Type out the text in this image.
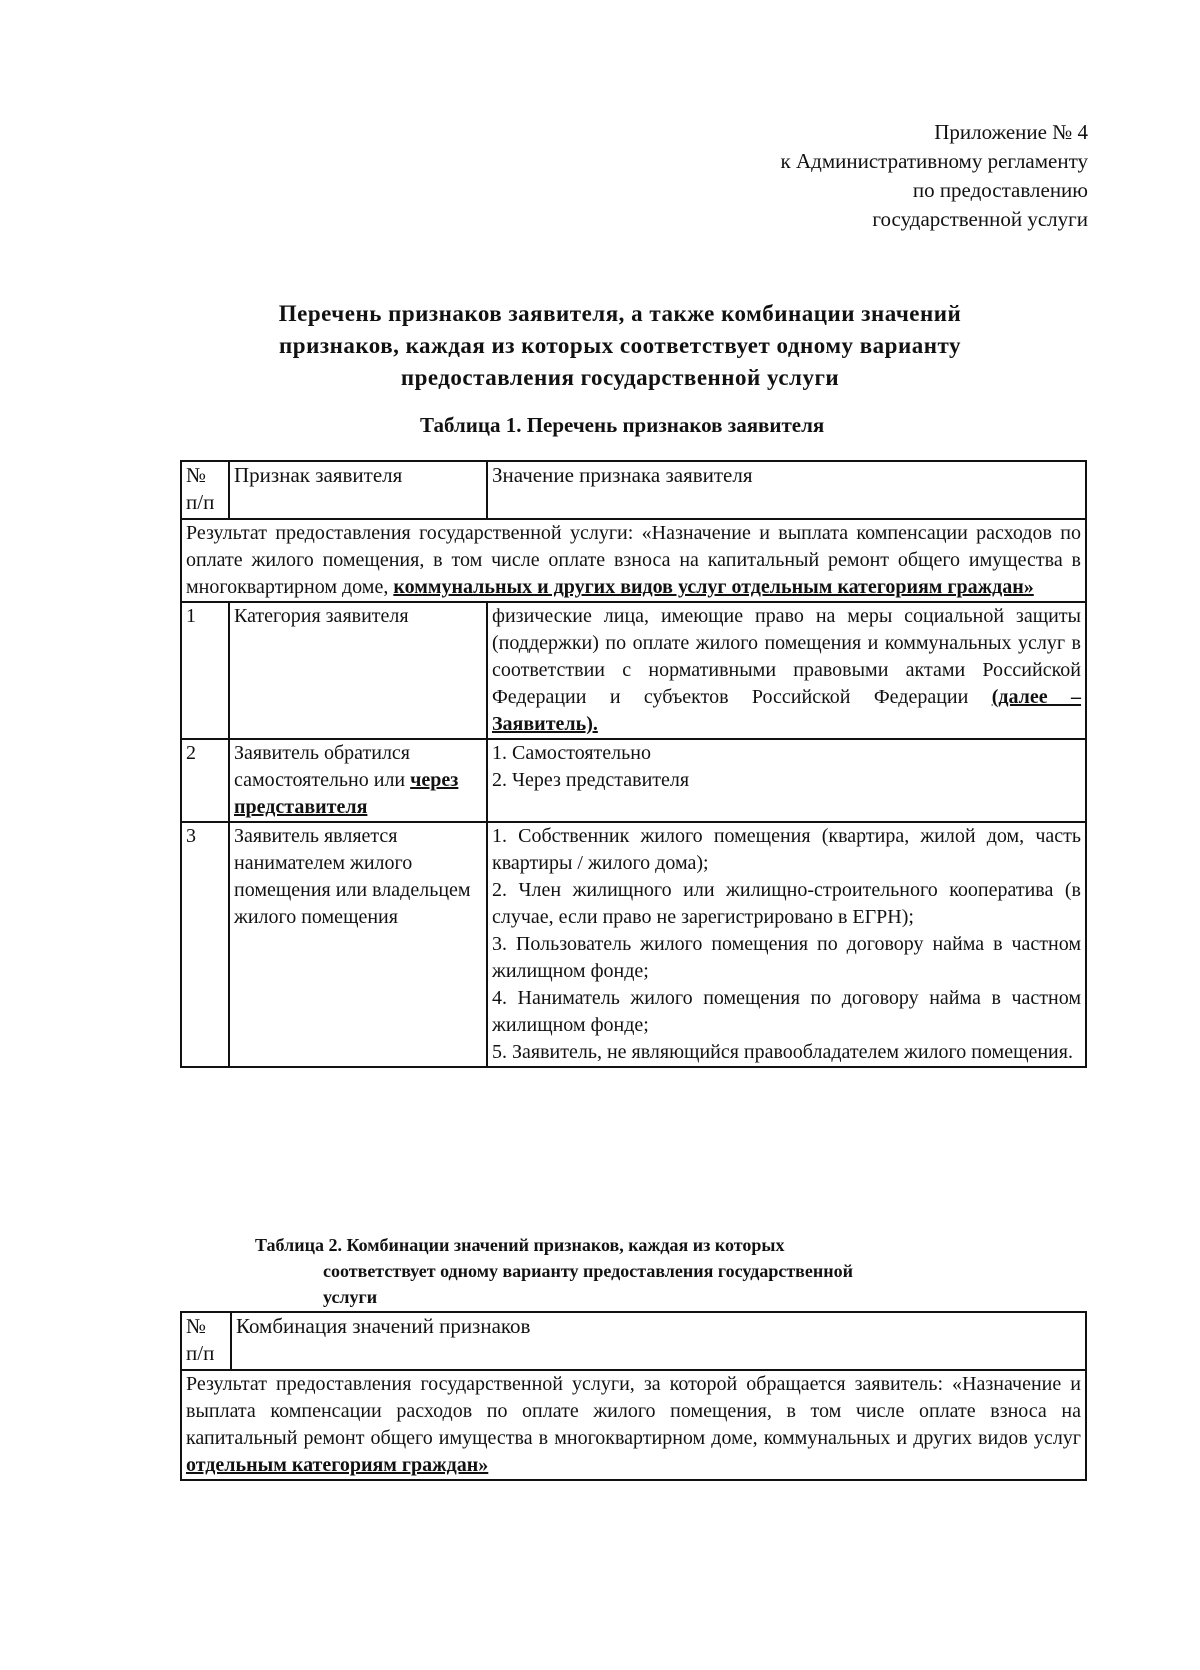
Приложение № 4
к Административному регламенту
по предоставлению
государственной услуги
Перечень признаков заявителя, а также комбинации значений
признаков, каждая из которых соответствует одному варианту
предоставления государственной услуги
Таблица 1. Перечень признаков заявителя
№ п/п	Признак заявителя	Значение признака заявителя
Результат предоставления государственной услуги: «Назначение и выплата компенсации расходов по оплате жилого помещения, в том числе оплате взноса на капитальный ремонт общего имущества в многоквартирном доме, коммунальных и других видов услуг отдельным категориям граждан»		
1	Категория заявителя	физические лица, имеющие право на меры социальной защиты (поддержки) по оплате жилого помещения и коммунальных услуг в соответствии с нормативными правовыми актами Российской Федерации и субъектов Российской Федерации (далее – Заявитель).
2	Заявитель обратился самостоятельно или через представителя	1. Самостоятельно
2. Через представителя

3	Заявитель является нанимателем жилого помещения или владельцем жилого помещения	1. Собственник жилого помещения (квартира, жилой дом, часть квартиры / жилого дома);
2. Член жилищного или жилищно-строительного кооператива (в случае, если право не зарегистрировано в ЕГРН);
3. Пользователь жилого помещения по договору найма в частном жилищном фонде;
4. Наниматель жилого помещения по договору найма в частном жилищном фонде;
5. Заявитель, не являющийся правообладателем жилого помещения.
Таблица 2. Комбинации значений признаков, каждая из которых
соответствует одному варианту предоставления государственной
услуги
№ п/п	Комбинация значений признаков
Результат предоставления государственной услуги, за которой обращается заявитель: «Назначение и выплата компенсации расходов по оплате жилого помещения, в том числе оплате взноса на капитальный ремонт общего имущества в многоквартирном доме, коммунальных и других видов услуг отдельным категориям граждан»
